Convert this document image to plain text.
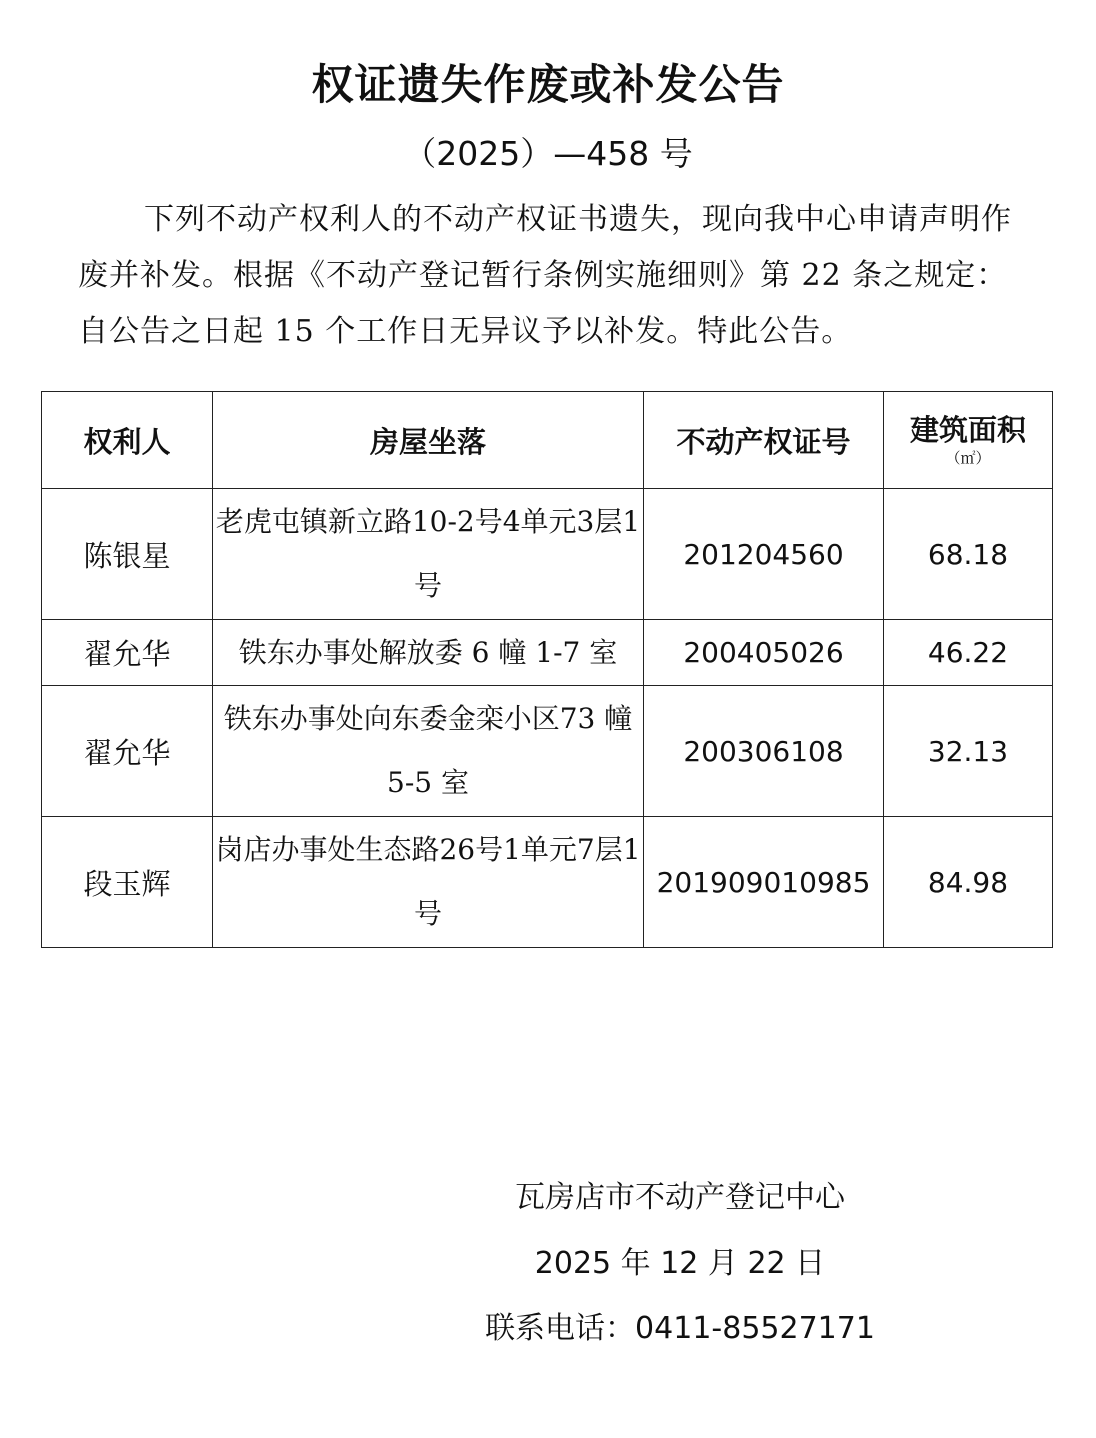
权证遗失作废或补发公告
（2025）—458 号
下列不动产权利人的不动产权证书遗失，现向我中心申请声明作废并补发。根据《不动产登记暂行条例实施细则》第 22 条之规定：自公告之日起 15 个工作日无异议予以补发。特此公告。
权利人	房屋坐落	不动产权证号	建筑面积
（㎡）

陈银星	老虎屯镇新立路10-2号4单元3层1号	201204560	68.18
翟允华	铁东办事处解放委 6 幢 1-7 室	200405026	46.22
翟允华	铁东办事处向东委金栾小区73 幢 5-5 室	200306108	32.13
段玉辉	岗店办事处生态路26号1单元7层1号	201909010985	84.98
瓦房店市不动产登记中心
2025 年 12 月 22 日
联系电话：0411-85527171
